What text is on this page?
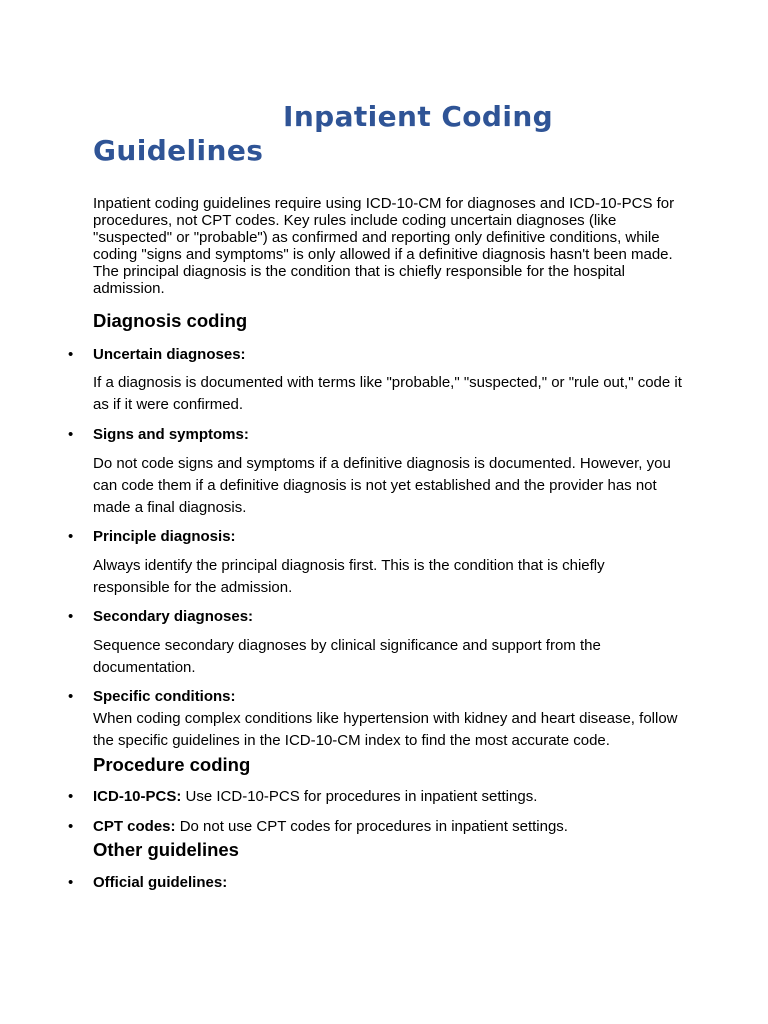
Inpatient Coding
Guidelines

Inpatient coding guidelines require using ICD-10-CM for diagnoses and ICD-10-PCS for procedures, not CPT codes. Key rules include coding uncertain diagnoses (like "suspected" or "probable") as confirmed and reporting only definitive conditions, while coding "signs and symptoms" is only allowed if a definitive diagnosis hasn't been made. The principal diagnosis is the condition that is chiefly responsible for the hospital admission.

Diagnosis coding
• Uncertain diagnoses:

If a diagnosis is documented with terms like "probable," "suspected," or "rule out," code it as if it were confirmed.

• Signs and symptoms:

Do not code signs and symptoms if a definitive diagnosis is documented. However, you can code them if a definitive diagnosis is not yet established and the provider has not made a final diagnosis.

• Principle diagnosis:

Always identify the principal diagnosis first. This is the condition that is chiefly responsible for the admission.

• Secondary diagnoses:

Sequence secondary diagnoses by clinical significance and support from the documentation.

• Specific conditions:

When coding complex conditions like hypertension with kidney and heart disease, follow the specific guidelines in the ICD-10-CM index to find the most accurate code.

Procedure coding
• ICD-10-PCS: Use ICD-10-PCS for procedures in inpatient settings.
• CPT codes: Do not use CPT codes for procedures in inpatient settings.
Other guidelines
• Official guidelines:
